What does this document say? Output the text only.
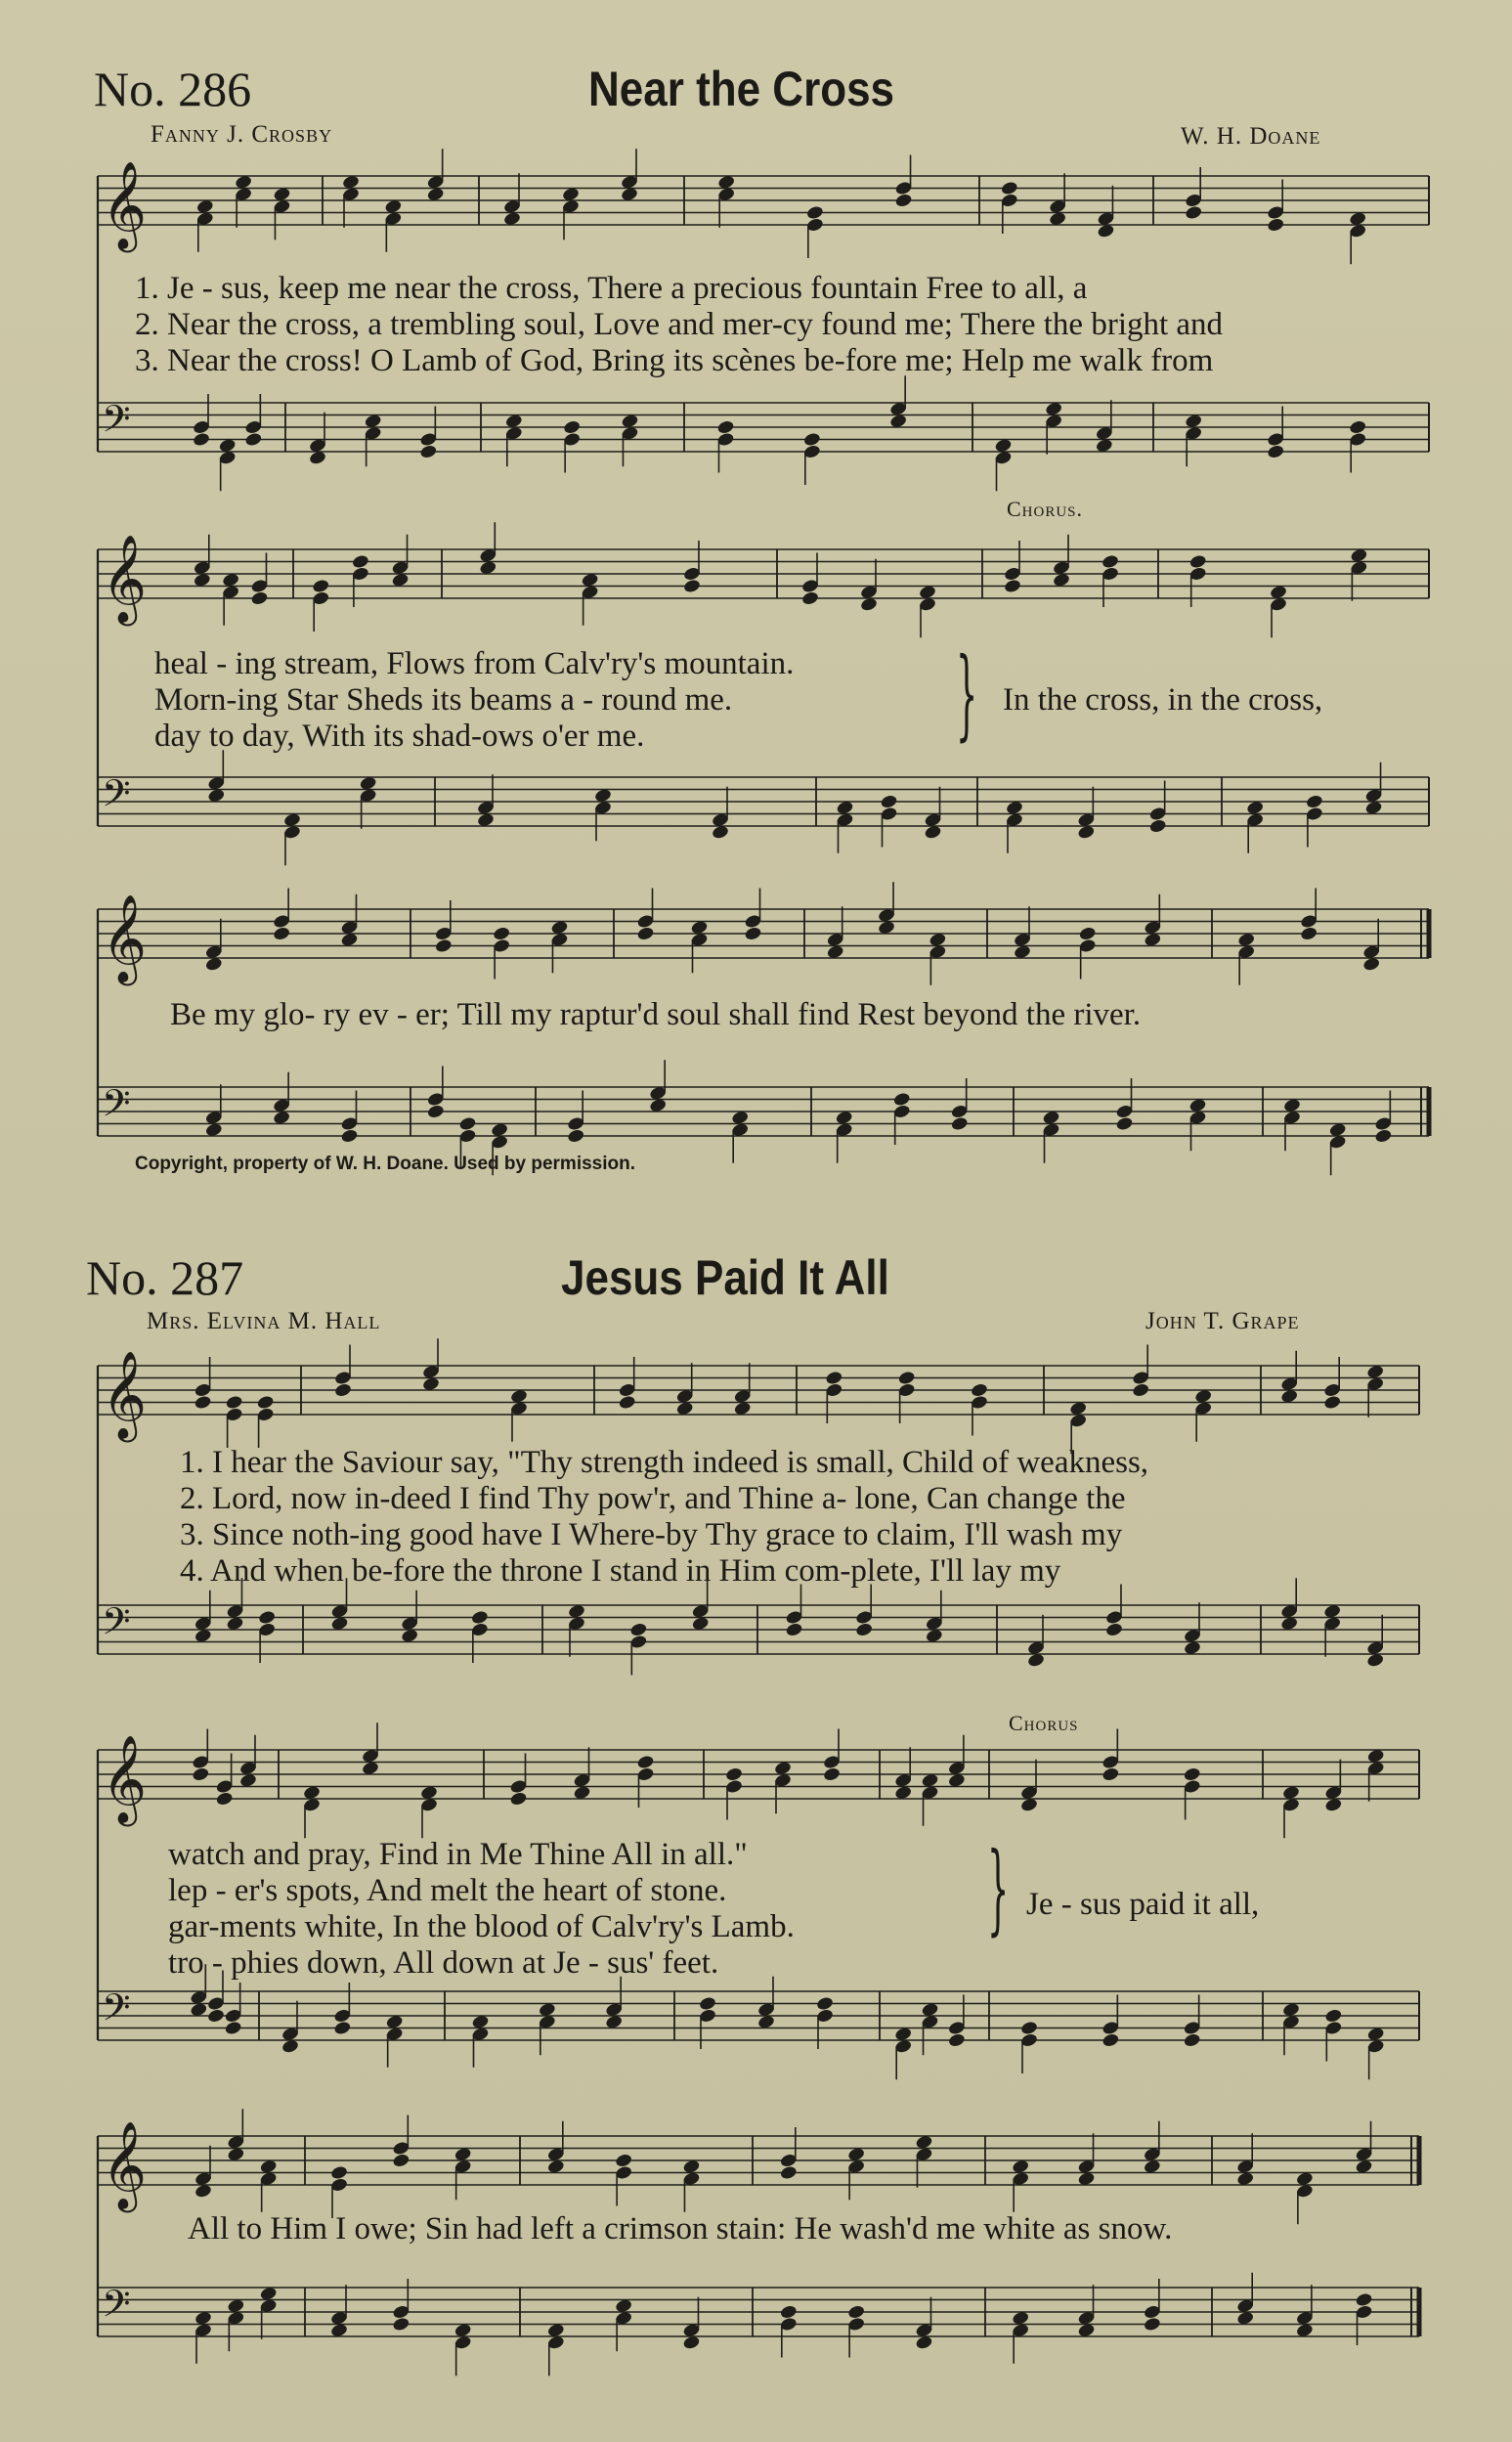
No. 286	Near the Cross
Fanny J. Crosby	W. H. Doane
1. Je - sus, keep me near the cross, There a precious fountain Free to all, a
2. Near the cross, a trembling soul, Love and mer-cy found me; There the bright and
3. Near the cross! O Lamb of God, Bring its scènes be-fore me; Help me walk from
Chorus.
heal - ing stream, Flows from Calv'ry's mountain.
Morn-ing Star Sheds its beams a - round me.
day to day, With its shad-ows o'er me.	} In the cross, in the cross,
Be my glo- ry ev - er; Till my raptur'd soul shall find Rest beyond the river.
Copyright, property of W. H. Doane. Used by permission.
No. 287	Jesus Paid It All
Mrs. Elvina M. Hall	John T. Grape
1. I hear the Saviour say, "Thy strength indeed is small, Child of weakness,
2. Lord, now in-deed I find Thy pow'r, and Thine a- lone, Can change the
3. Since noth-ing good have I Where-by Thy grace to claim, I'll wash my
4. And when be-fore the throne I stand in Him com-plete, I'll lay my
Chorus
watch and pray, Find in Me Thine All in all."
lep - er's spots, And melt the heart of stone.
gar-ments white, In the blood of Calv'ry's Lamb.
tro - phies down, All down at Je - sus' feet.
} Je - sus paid it all,
All to Him I owe; Sin had left a crimson stain: He wash'd me white as snow.
𝄞
𝄢
𝄞
𝄢
𝄞
𝄢
𝄞
𝄢
𝄞
𝄢
𝄞
𝄢
